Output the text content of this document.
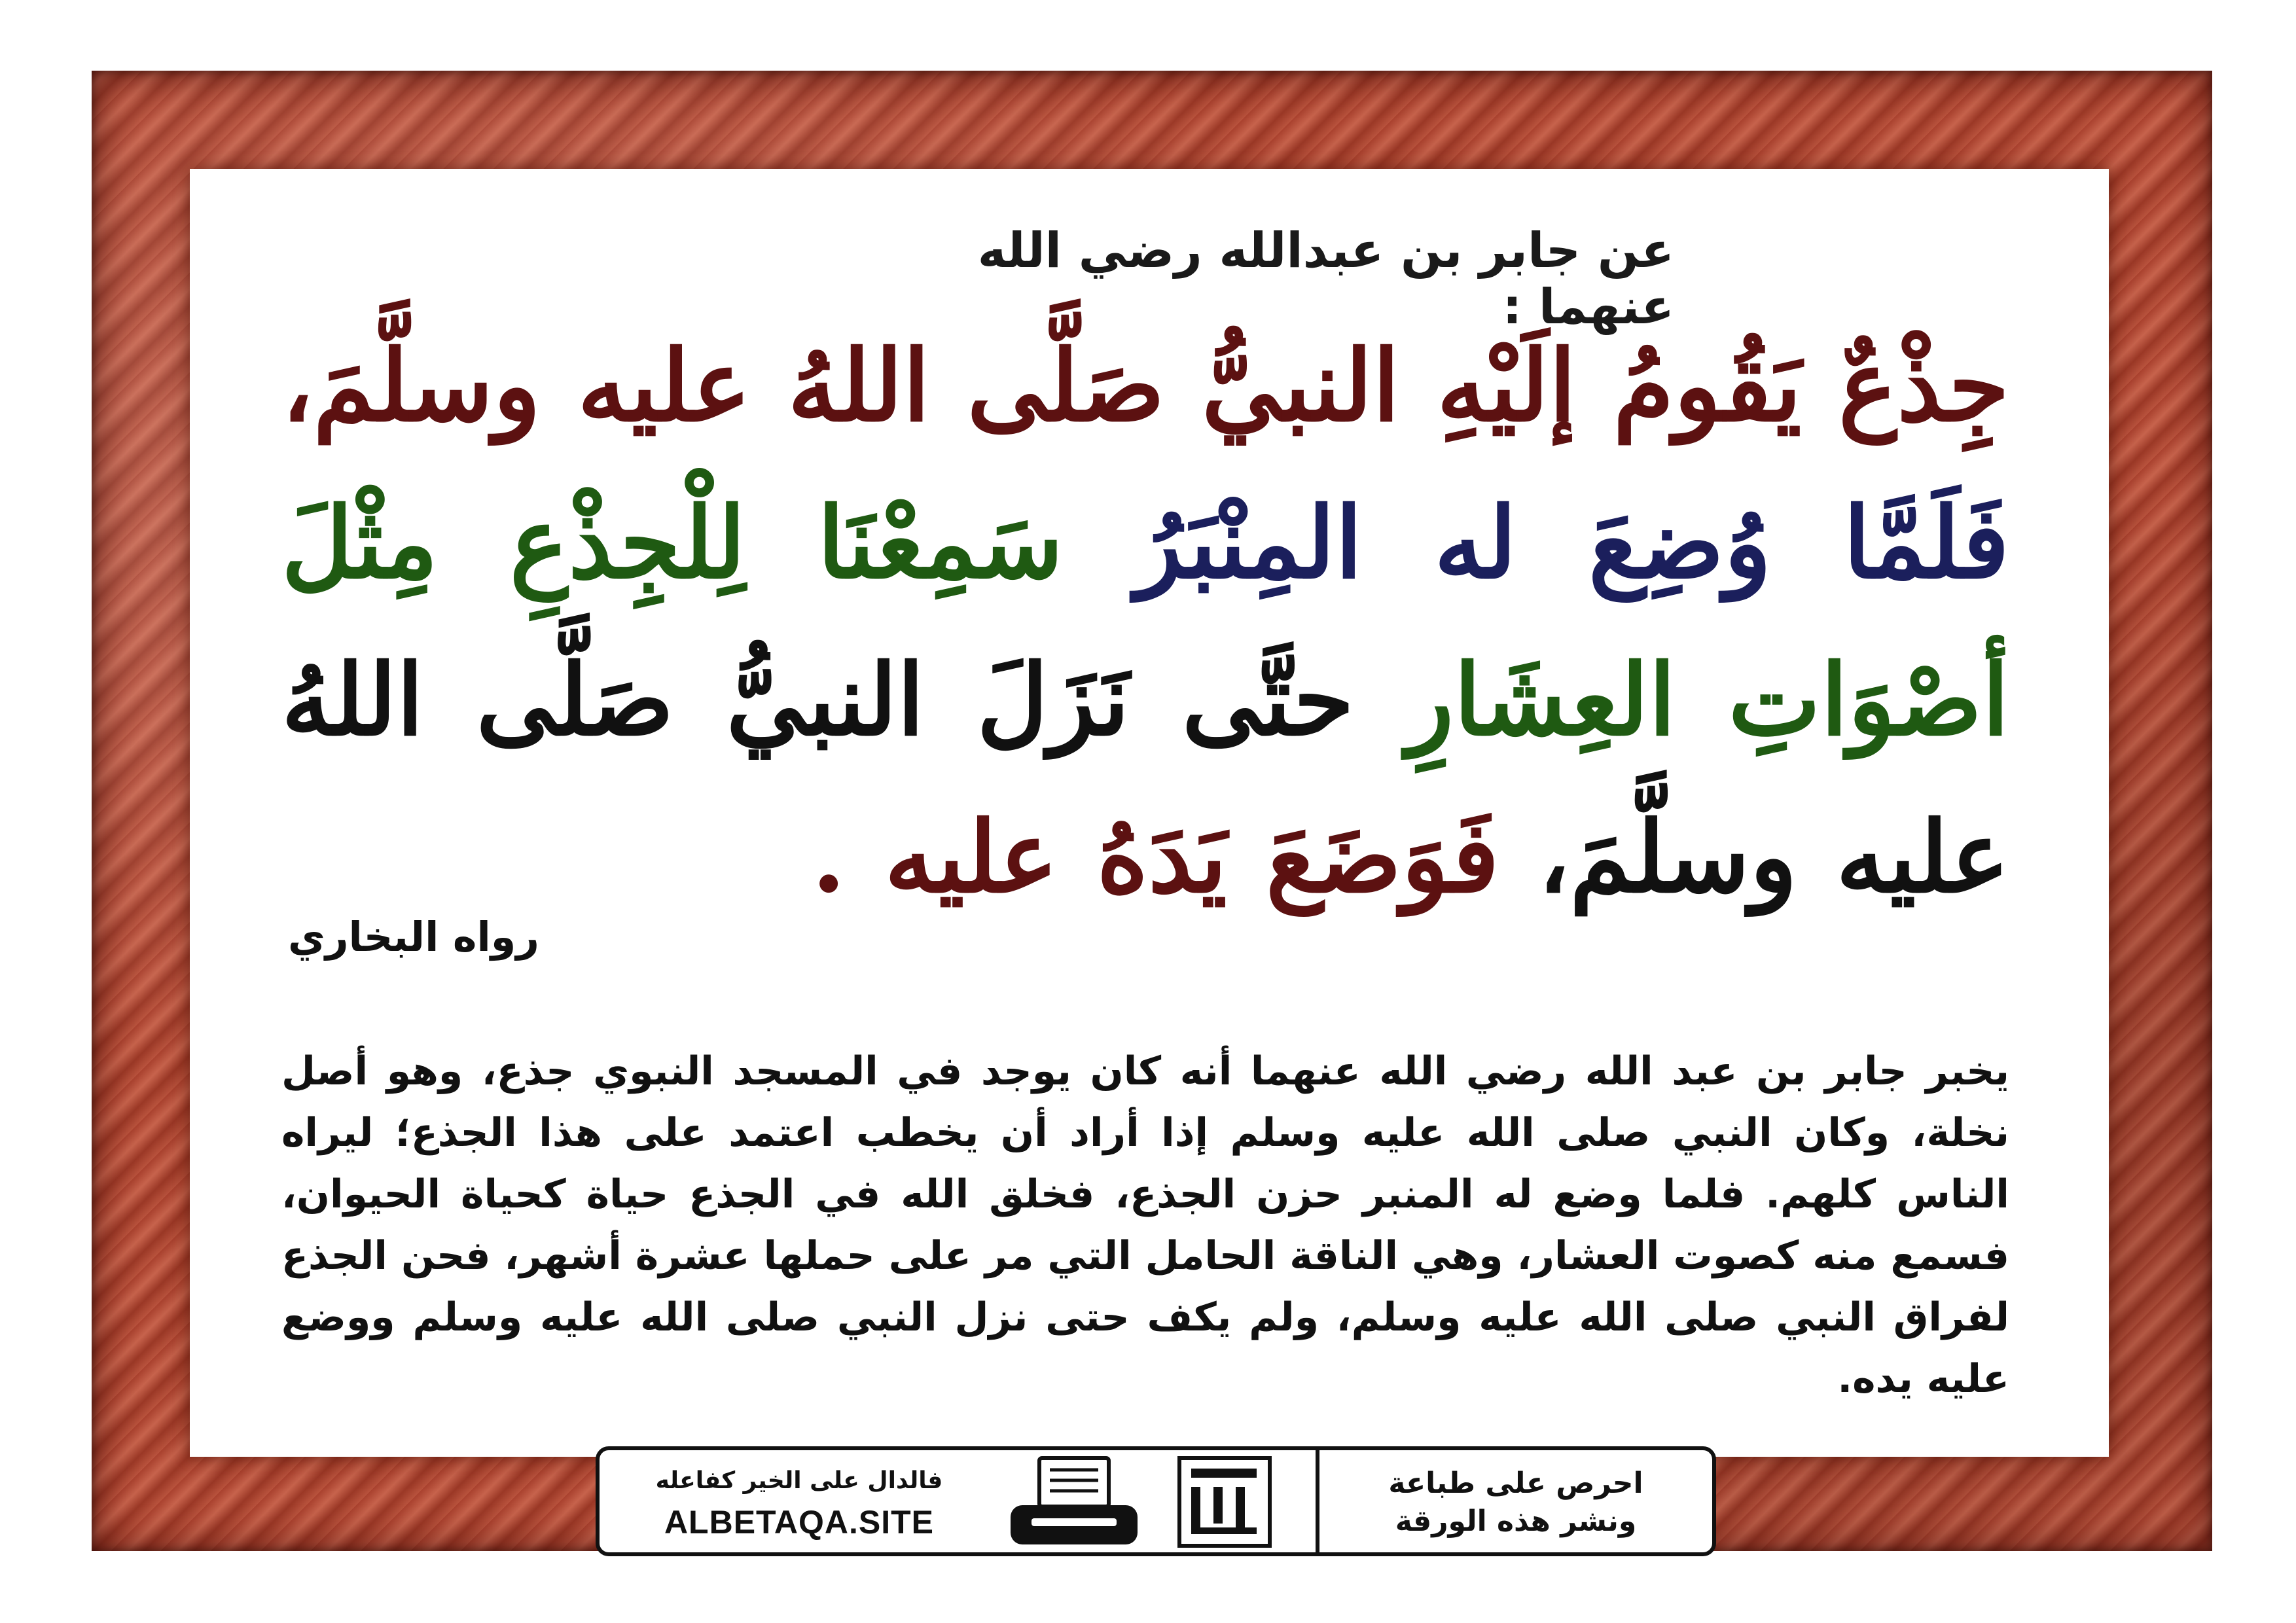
عن جابر بن عبدالله رضي الله عنهما :
جِذْعٌ يَقُومُ إلَيْهِ النبيُّ صَلَّى اللهُ عليه وسلَّمَ،
فَلَمَّا وُضِعَ له المِنْبَرُ سَمِعْنَا لِلْجِذْعِ مِثْلَ
أصْوَاتِ العِشَارِ حتَّى نَزَلَ النبيُّ صَلَّى اللهُ
عليه وسلَّمَ، فَوَضَعَ يَدَهُ عليه .
رواه البخاري
يخبر جابر بن عبد الله رضي الله عنهما أنه كان يوجد في المسجد النبوي جذع، وهو أصل نخلة، وكان النبي صلى الله عليه وسلم إذا أراد أن يخطب اعتمد على هذا الجذع؛ ليراه الناس كلهم. فلما وضع له المنبر حزن الجذع، فخلق الله في الجذع حياة كحياة الحيوان، فسمع منه كصوت العشار، وهي الناقة الحامل التي مر على حملها عشرة أشهر، فحن الجذع لفراق النبي صلى الله عليه وسلم، ولم يكف حتى نزل النبي صلى الله عليه وسلم ووضع عليه يده.
فالدال على الخير كفاعله
ALBETAQA.SITE
احرص على طباعة
ونشر هذه الورقة
